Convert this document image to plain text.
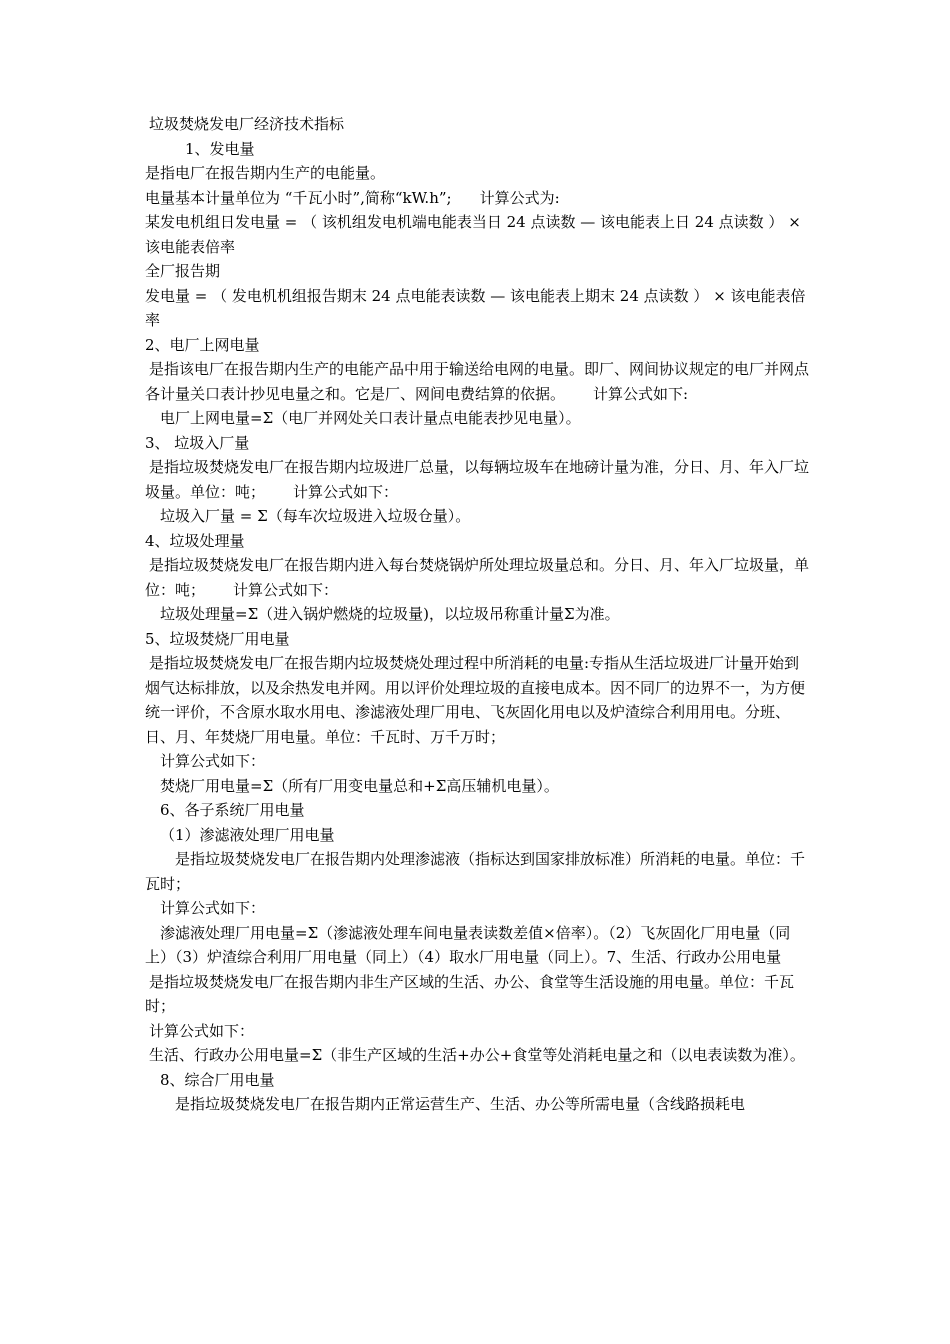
垃圾焚烧发电厂经济技术指标

1、发电量

是指电厂在报告期内生产的电能量。

电量基本计量单位为 “千瓦小时”,简称“kW.h”; 计算公式为:

某发电机组日发电量 = （ 该机组发电机端电能表当日 24 点读数 — 该电能表上日 24 点读数 ） × 该电能表倍率

全厂报告期

发电量 = （ 发电机机组报告期末 24 点电能表读数 — 该电能表上期末 24 点读数 ） × 该电能表倍率

2、电厂上网电量

是指该电厂在报告期内生产的电能产品中用于输送给电网的电量。即厂、网间协议规定的电厂并网点各计量关口表计抄见电量之和。它是厂、网间电费结算的依据。 计算公式如下:

电厂上网电量=Σ（电厂并网处关口表计量点电能表抄见电量）。

3、 垃圾入厂量

是指垃圾焚烧发电厂在报告期内垃圾进厂总量，以每辆垃圾车在地磅计量为准，分日、月、年入厂垃圾量。单位：吨； 计算公式如下：

垃圾入厂量 = Σ（每车次垃圾进入垃圾仓量）。

4、垃圾处理量

是指垃圾焚烧发电厂在报告期内进入每台焚烧锅炉所处理垃圾量总和。分日、月、年入厂垃圾量，单位：吨； 计算公式如下：

垃圾处理量=Σ（进入锅炉燃烧的垃圾量)，以垃圾吊称重计量Σ为准。

5、垃圾焚烧厂用电量

是指垃圾焚烧发电厂在报告期内垃圾焚烧处理过程中所消耗的电量:专指从生活垃圾进厂计量开始到烟气达标排放，以及余热发电并网。用以评价处理垃圾的直接电成本。因不同厂的边界不一，为方便统一评价，不含原水取水用电、渗滤液处理厂用电、飞灰固化用电以及炉渣综合利用用电。分班、日、月、年焚烧厂用电量。单位：千瓦时、万千万时；

计算公式如下：

焚烧厂用电量=Σ（所有厂用变电量总和+Σ高压辅机电量）。

6、各子系统厂用电量

（1）渗滤液处理厂用电量

是指垃圾焚烧发电厂在报告期内处理渗滤液（指标达到国家排放标准）所消耗的电量。单位：千瓦时；

计算公式如下：

渗滤液处理厂用电量=Σ（渗滤液处理车间电量表读数差值×倍率）。（2）飞灰固化厂用电量（同上）（3）炉渣综合利用厂用电量（同上）（4）取水厂用电量（同上）。7、生活、行政办公用电量

是指垃圾焚烧发电厂在报告期内非生产区域的生活、办公、食堂等生活设施的用电量。单位：千瓦时；

计算公式如下：

生活、行政办公用电量=Σ（非生产区域的生活+办公+食堂等处消耗电量之和（以电表读数为准）。

8、综合厂用电量

是指垃圾焚烧发电厂在报告期内正常运营生产、生活、办公等所需电量（含线路损耗电
